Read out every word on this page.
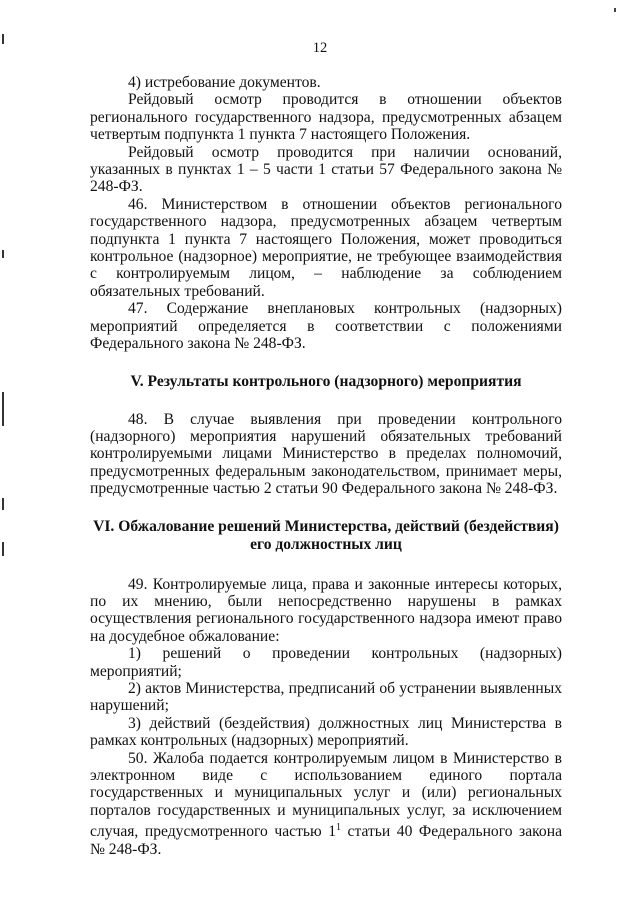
12

4) истребование документов.

Рейдовый осмотр проводится в отношении объектов регионального государственного надзора, предусмотренных абзацем четвертым подпункта 1 пункта 7 настоящего Положения.

Рейдовый осмотр проводится при наличии оснований, указанных в пунктах 1 – 5 части 1 статьи 57 Федерального закона № 248-ФЗ.

46. Министерством в отношении объектов регионального государственного надзора, предусмотренных абзацем четвертым подпункта 1 пункта 7 настоящего Положения, может проводиться контрольное (надзорное) мероприятие, не требующее взаимодействия с контролируемым лицом, – наблюдение за соблюдением обязательных требований.

47. Содержание внеплановых контрольных (надзорных) мероприятий определяется в соответствии с положениями Федерального закона № 248-ФЗ.

V. Результаты контрольного (надзорного) мероприятия

48. В случае выявления при проведении контрольного (надзорного) мероприятия нарушений обязательных требований контролируемыми лицами Министерство в пределах полномочий, предусмотренных федеральным законодательством, принимает меры, предусмотренные частью 2 статьи 90 Федерального закона № 248-ФЗ.

VI. Обжалование решений Министерства, действий (бездействия)
его должностных лиц

49. Контролируемые лица, права и законные интересы которых, по их мнению, были непосредственно нарушены в рамках осуществления регионального государственного надзора имеют право на досудебное обжалование:

1) решений о проведении контрольных (надзорных) мероприятий;

2) актов Министерства, предписаний об устранении выявленных нарушений;

3) действий (бездействия) должностных лиц Министерства в рамках контрольных (надзорных) мероприятий.

50. Жалоба подается контролируемым лицом в Министерство в электронном виде с использованием единого портала государственных и муниципальных услуг и (или) региональных порталов государственных и муниципальных услуг, за исключением случая, предусмотренного частью $1^1$ статьи 40 Федерального закона № 248-ФЗ.
